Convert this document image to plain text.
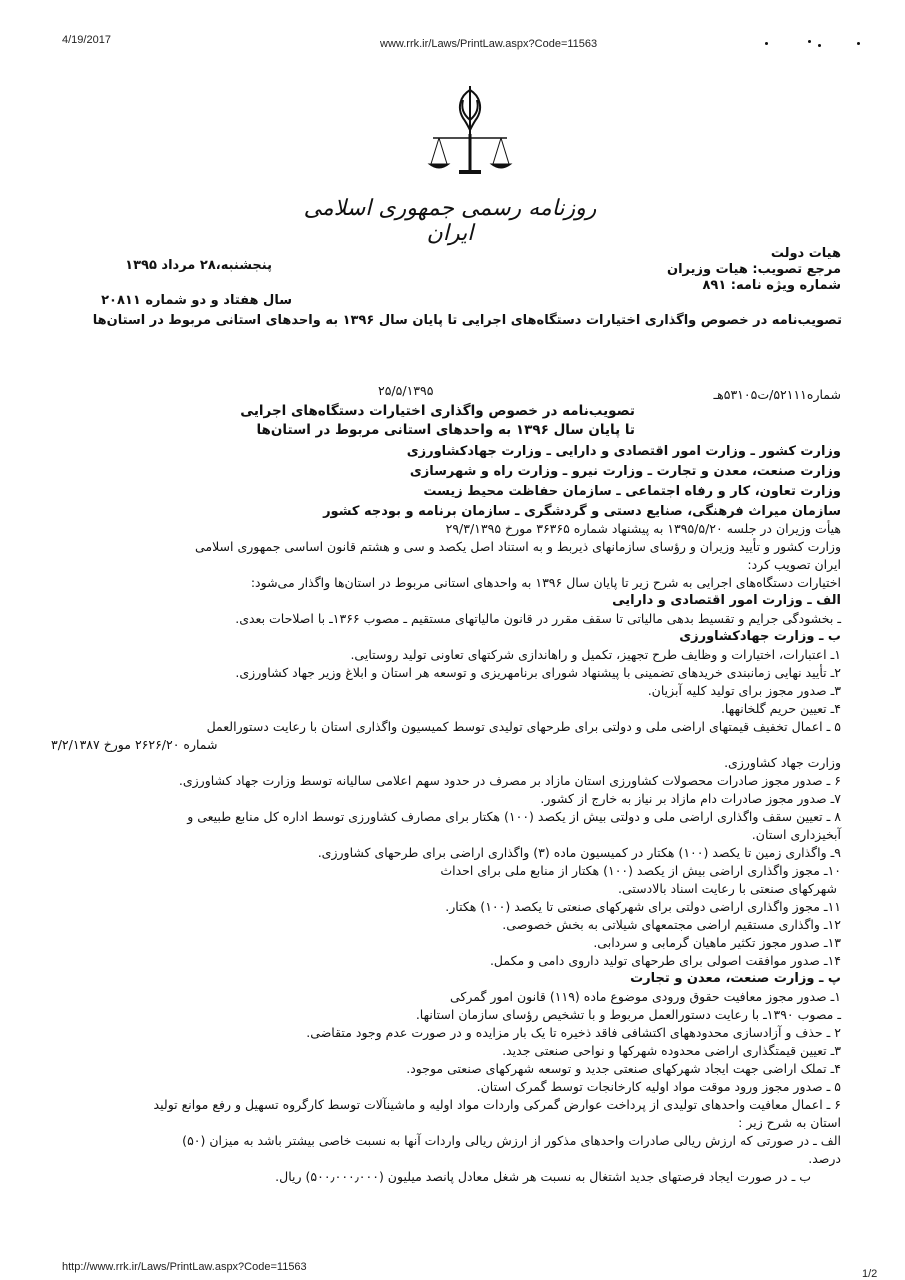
4/19/2017	www.rrk.ir/Laws/PrintLaw.aspx?Code=11563
روزنامه رسمی جمهوری اسلامی ایران
هیات دولت
مرجع تصویب: هیات وزیران
شماره ویژه نامه: ۸۹۱
پنجشنبه،۲۸ مرداد ۱۳۹۵
سال هفتاد و دو شماره ۲۰۸۱۱
تصویب‌نامه در خصوص واگذاری اختیارات دستگاه‌های اجرایی تا پایان سال ۱۳۹۶ به واحدهای استانی مربوط در استان‌ها
شماره۵۲۱۱۱/ت۵۳۱۰۵هـ
۲۵/۵/۱۳۹۵
تصویب‌نامه در خصوص واگذاری اختیارات دستگاه‌های اجرایی
تا پایان سال ۱۳۹۶ به واحدهای استانی مربوط در استان‌ها
وزارت کشور ـ وزارت امور اقتصادی و دارایی ـ وزارت جهادکشاورزی
وزارت صنعت، معدن و تجارت ـ وزارت نیرو ـ وزارت راه و شهرسازی
وزارت تعاون، کار و رفاه اجتماعی ـ سازمان حفاظت محیط زیست
سازمان میراث فرهنگی، صنایع دستی و گردشگری ـ سازمان برنامه و بودجه کشور
هیأت وزیران در جلسه ۱۳۹۵/۵/۲۰ به پیشنهاد شماره ۳۶۳۶۵ مورخ ۲۹/۳/۱۳۹۵
وزارت کشور و تأیید وزیران و رؤسای سازمانهای ذیربط و به استناد اصل یکصد و سی و هشتم قانون اساسی جمهوری اسلامی
ایران تصویب کرد:
اختیارات دستگاه‌های اجرایی به شرح زیر تا پایان سال ۱۳۹۶ به واحدهای استانی مربوط در استان‌ها واگذار می‌شود:
الف ـ وزارت امور اقتصادی و دارایی
ـ بخشودگی جرایم و تقسیط بدهی مالیاتی تا سقف مقرر در قانون مالیاتهای مستقیم ـ مصوب ۱۳۶۶ـ با اصلاحات بعدی.
ب ـ وزارت جهادکشاورزی
۱ـ اعتبارات، اختیارات و وظایف طرح تجهیز، تکمیل و راهاندازی شرکتهای تعاونی تولید روستایی.
۲ـ تأیید نهایی زمانبندی خریدهای تضمینی با پیشنهاد شورای برنامهریزی و توسعه هر استان و ابلاغ وزیر جهاد کشاورزی.
۳ـ صدور مجوز برای تولید کلیه آبزیان.
۴ـ تعیین حریم گلخانهها.
۵ ـ اعمال تخفیف قیمتهای اراضی ملی و دولتی برای طرحهای تولیدی توسط کمیسیون واگذاری استان با رعایت دستورالعمل
شماره ۲۶۲۶/۲۰ مورخ ۳/۲/۱۳۸۷
وزارت جهاد کشاورزی.
۶ ـ صدور مجوز صادرات محصولات کشاورزی استان مازاد بر مصرف در حدود سهم اعلامی سالیانه توسط وزارت جهاد کشاورزی.
۷ـ صدور مجوز صادرات دام مازاد بر نیاز به خارج از کشور.
۸ ـ تعیین سقف واگذاری اراضی ملی و دولتی بیش از یکصد (۱۰۰) هکتار برای مصارف کشاورزی توسط اداره کل منابع طبیعی و
آبخیزداری استان.
۹ـ واگذاری زمین تا یکصد (۱۰۰) هکتار در کمیسیون ماده (۳) واگذاری اراضی برای طرحهای کشاورزی.
۱۰ـ مجوز واگذاری اراضی بیش از یکصد (۱۰۰) هکتار از منابع ملی برای احداث
شهرکهای صنعتی با رعایت اسناد بالادستی.
۱۱ـ مجوز واگذاری اراضی دولتی برای شهرکهای صنعتی تا یکصد (۱۰۰) هکتار.
۱۲ـ واگذاری مستقیم اراضی مجتمعهای شیلاتی به بخش خصوصی.
۱۳ـ صدور مجوز تکثیر ماهیان گرمابی و سردابی.
۱۴ـ صدور موافقت اصولی برای طرحهای تولید داروی دامی و مکمل.
پ ـ وزارت صنعت، معدن و تجارت
۱ـ صدور مجوز معافیت حقوق ورودی موضوع ماده (۱۱۹) قانون امور گمرکی
ـ مصوب ۱۳۹۰ـ با رعایت دستورالعمل مربوط و با تشخیص رؤسای سازمان استانها.
۲ ـ حذف و آزادسازی محدودههای اکتشافی فاقد ذخیره تا یک بار مزایده و در صورت عدم وجود متقاضی.
۳ـ تعیین قیمتگذاری اراضی محدوده شهرکها و نواحی صنعتی جدید.
۴ـ تملک اراضی جهت ایجاد شهرکهای صنعتی جدید و توسعه شهرکهای صنعتی موجود.
۵ ـ صدور مجوز ورود موقت مواد اولیه کارخانجات توسط گمرک استان.
۶ ـ اعمال معافیت واحدهای تولیدی از پرداخت عوارض گمرکی واردات مواد اولیه و ماشینآلات توسط کارگروه تسهیل و رفع موانع تولید
استان به شرح زیر :
الف ـ در صورتی که ارزش ریالی صادرات واحدهای مذکور از ارزش ریالی واردات آنها به نسبت خاصی بیشتر باشد به میزان (۵۰)
درصد.
ب ـ در صورت ایجاد فرصتهای جدید اشتغال به نسبت هر شغل معادل پانصد میلیون (۵۰۰٫۰۰۰٫۰۰۰) ریال.
http://www.rrk.ir/Laws/PrintLaw.aspx?Code=11563
1/2
